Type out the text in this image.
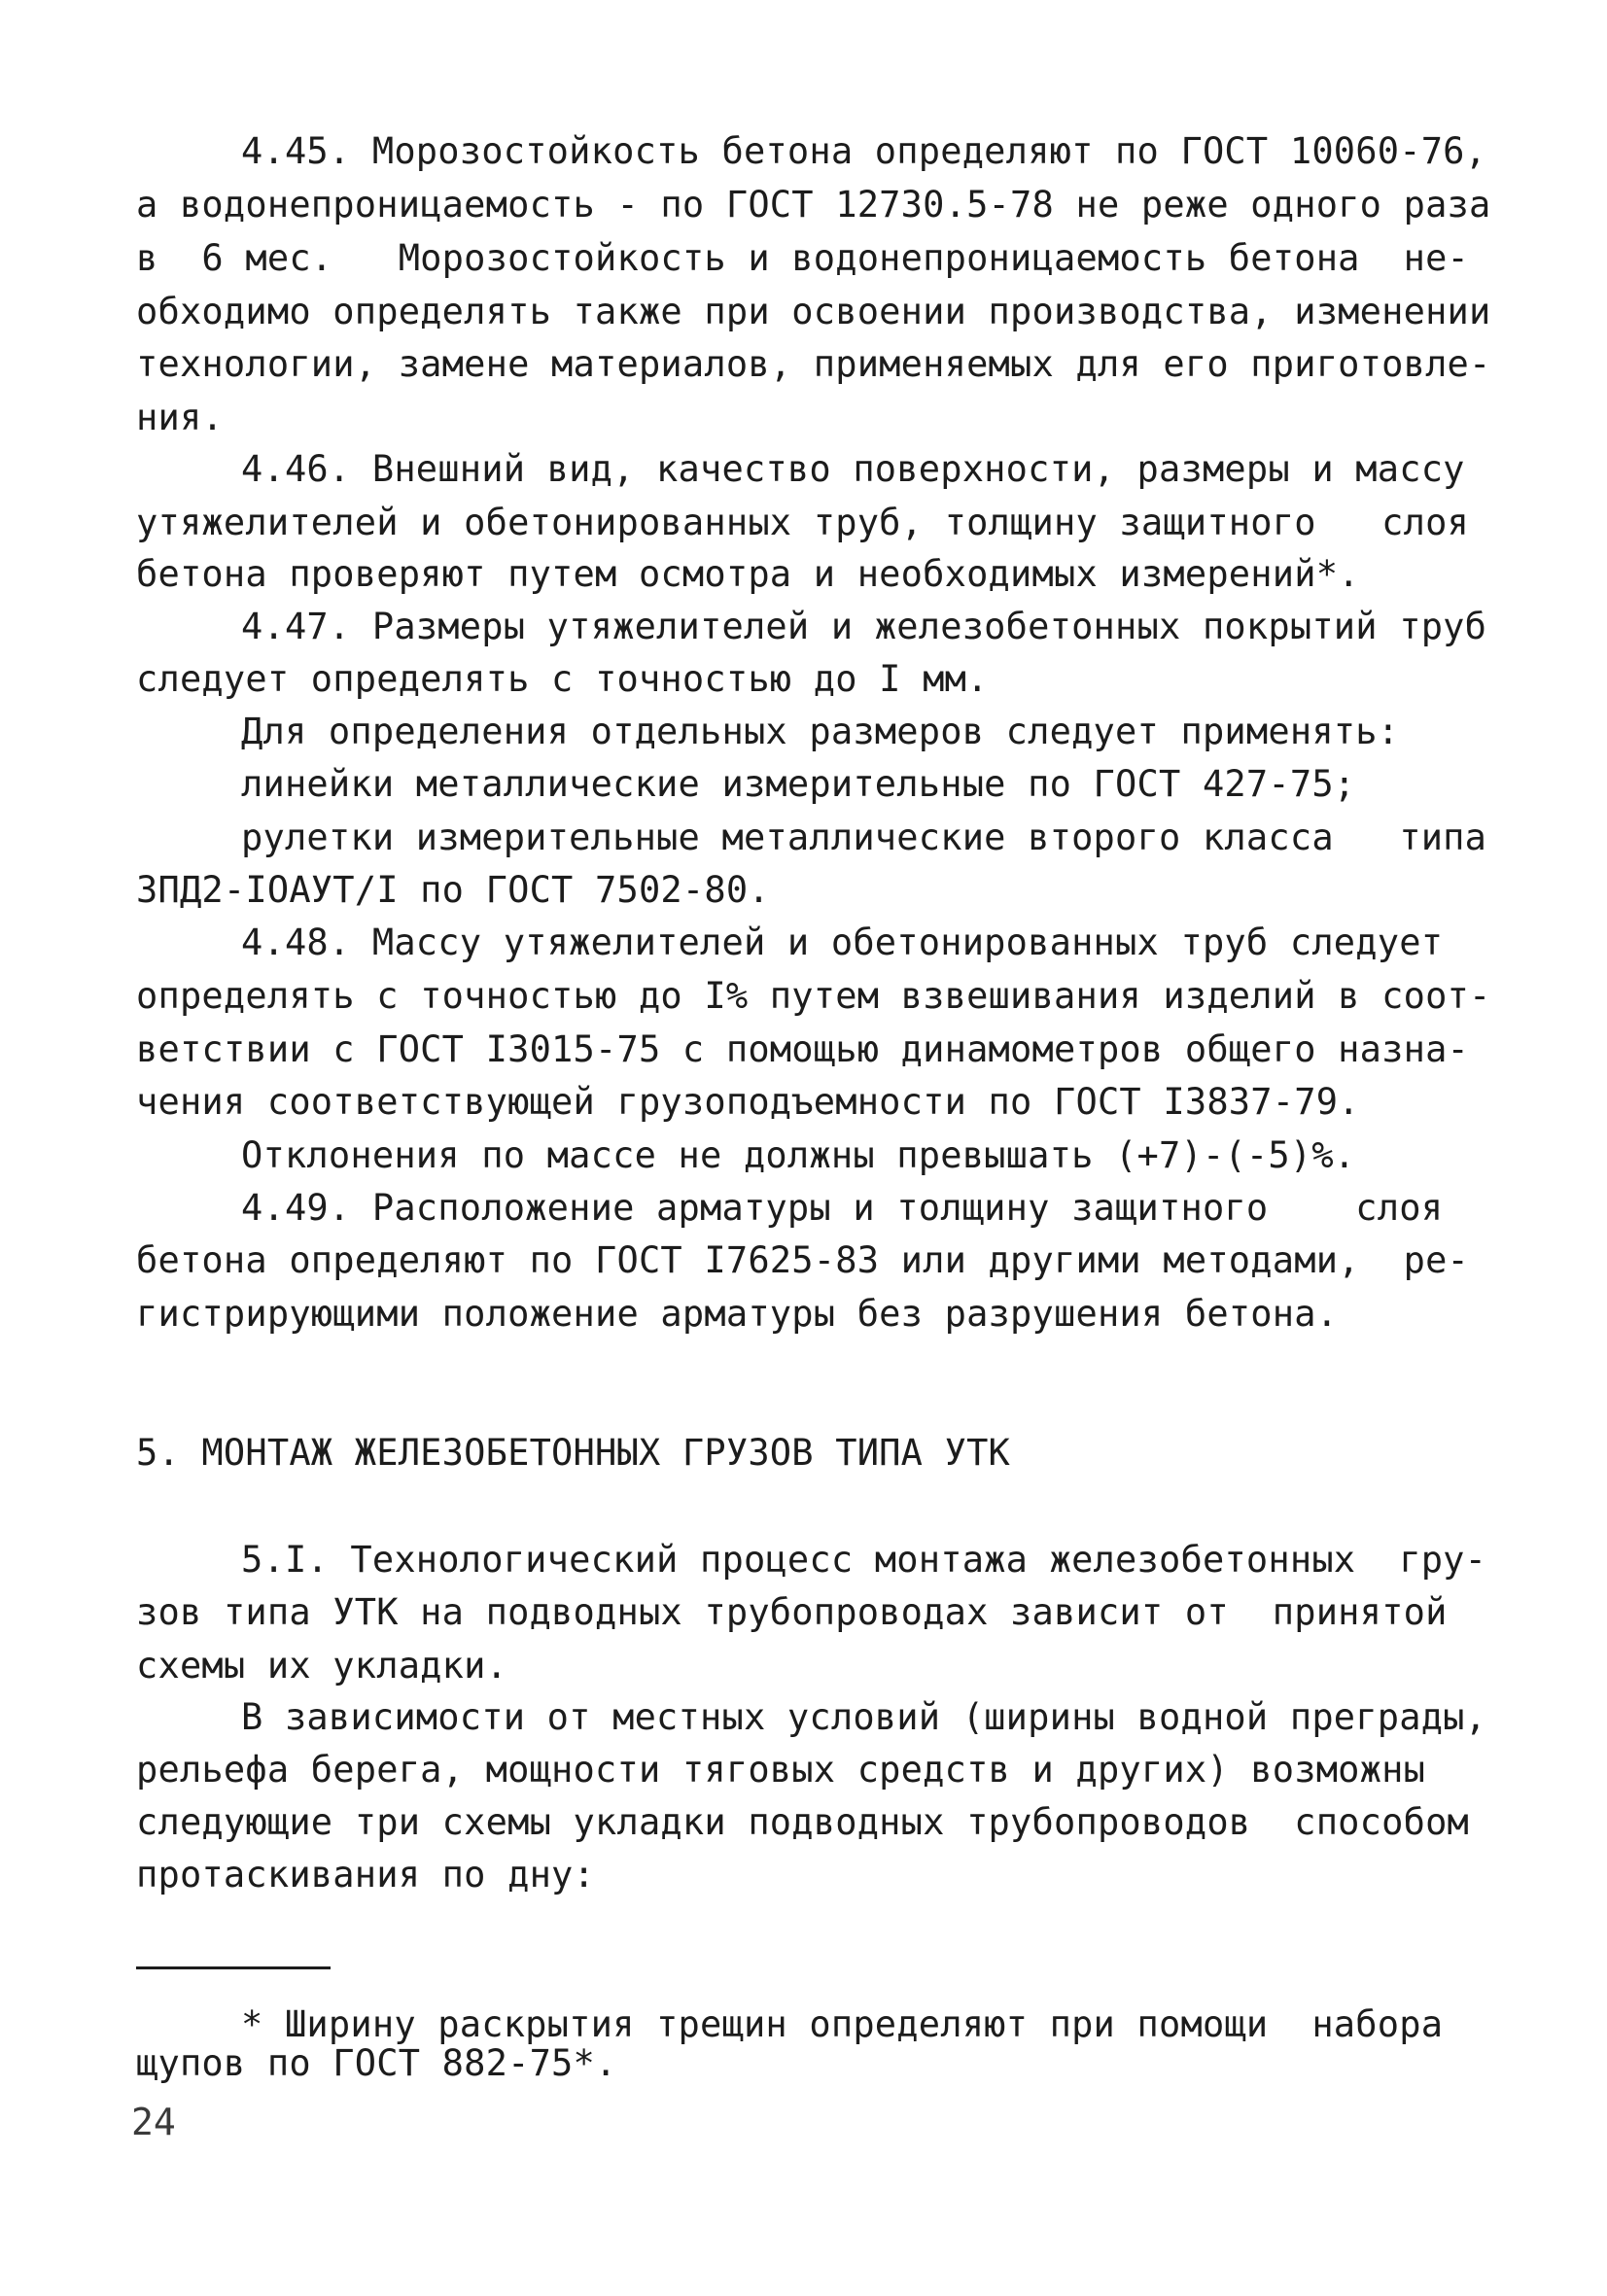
4.45. Морозостойкость бетона определяют по ГОСТ 10060-76,
а водонепроницаемость - по ГОСТ 12730.5-78 не реже одного раза
в  6 мес.   Морозостойкость и водонепроницаемость бетона  не-
обходимо определять также при освоении производства, изменении
технологии, замене материалов, применяемых для его приготовле-
ния.
4.46. Внешний вид, качество поверхности, размеры и массу
утяжелителей и обетонированных труб, толщину защитного   слоя
бетона проверяют путем осмотра и необходимых измерений*.
4.47. Размеры утяжелителей и железобетонных покрытий труб
следует определять с точностью до I мм.
Для определения отдельных размеров следует применять:
линейки металлические измерительные по ГОСТ 427-75;
рулетки измерительные металлические второго класса   типа
ЗПД2-IОАУТ/I по ГОСТ 7502-80.
4.48. Массу утяжелителей и обетонированных труб следует
определять с точностью до I% путем взвешивания изделий в соот-
ветствии с ГОСТ I3015-75 с помощью динамометров общего назна-
чения соответствующей грузоподъемности по ГОСТ I3837-79.
Отклонения по массе не должны превышать (+7)-(-5)%.
4.49. Расположение арматуры и толщину защитного    слоя
бетона определяют по ГОСТ I7625-83 или другими методами,  ре-
гистрирующими положение арматуры без разрушения бетона.
5. МОНТАЖ ЖЕЛЕЗОБЕТОННЫХ ГРУЗОВ ТИПА УТК
5.I. Технологический процесс монтажа железобетонных  гру-
зов типа УТК на подводных трубопроводах зависит от  принятой
схемы их укладки.
В зависимости от местных условий (ширины водной преграды,
рельефа берега, мощности тяговых средств и других) возможны
следующие три схемы укладки подводных трубопроводов  способом
протаскивания по дну:
* Ширину раскрытия трещин определяют при помощи  набора
щупов по ГОСТ 882-75*.
24
